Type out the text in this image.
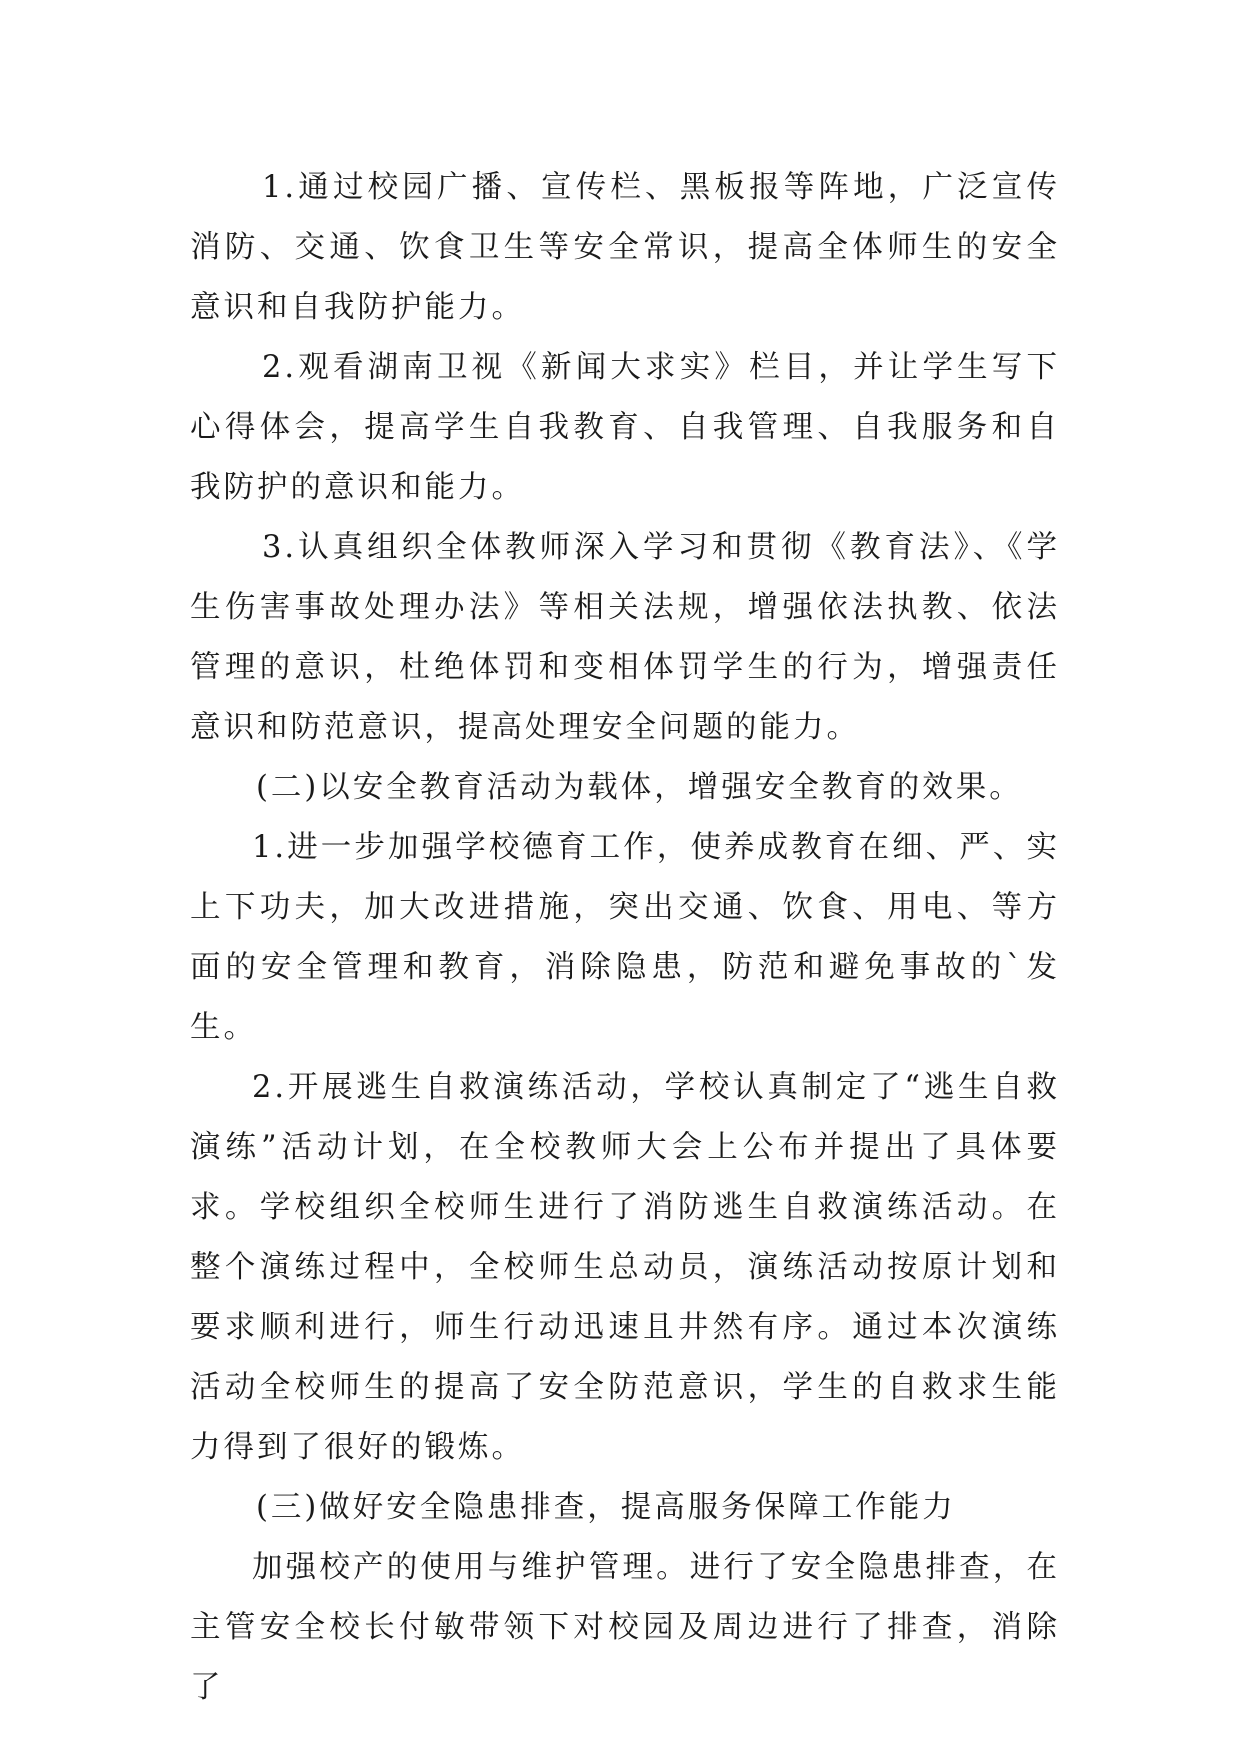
1.通过校园广播、宣传栏、黑板报等阵地，广泛宣传消防、交通、饮食卫生等安全常识，提高全体师生的安全意识和自我防护能力。

2.观看湖南卫视《新闻大求实》栏目，并让学生写下心得体会，提高学生自我教育、自我管理、自我服务和自我防护的意识和能力。

3.认真组织全体教师深入学习和贯彻《教育法》、《学生伤害事故处理办法》等相关法规，增强依法执教、依法管理的意识，杜绝体罚和变相体罚学生的行为，增强责任意识和防范意识，提高处理安全问题的能力。

(二)以安全教育活动为载体，增强安全教育的效果。

1.进一步加强学校德育工作，使养成教育在细、严、实上下功夫，加大改进措施，突出交通、饮食、用电、等方面的安全管理和教育，消除隐患，防范和避免事故的`发生。

2.开展逃生自救演练活动，学校认真制定了“逃生自救演练”活动计划，在全校教师大会上公布并提出了具体要求。学校组织全校师生进行了消防逃生自救演练活动。在整个演练过程中，全校师生总动员，演练活动按原计划和要求顺利进行，师生行动迅速且井然有序。通过本次演练活动全校师生的提高了安全防范意识，学生的自救求生能力得到了很好的锻炼。

(三)做好安全隐患排查，提高服务保障工作能力

加强校产的使用与维护管理。进行了安全隐患排查，在主管安全校长付敏带领下对校园及周边进行了排查，消除了
